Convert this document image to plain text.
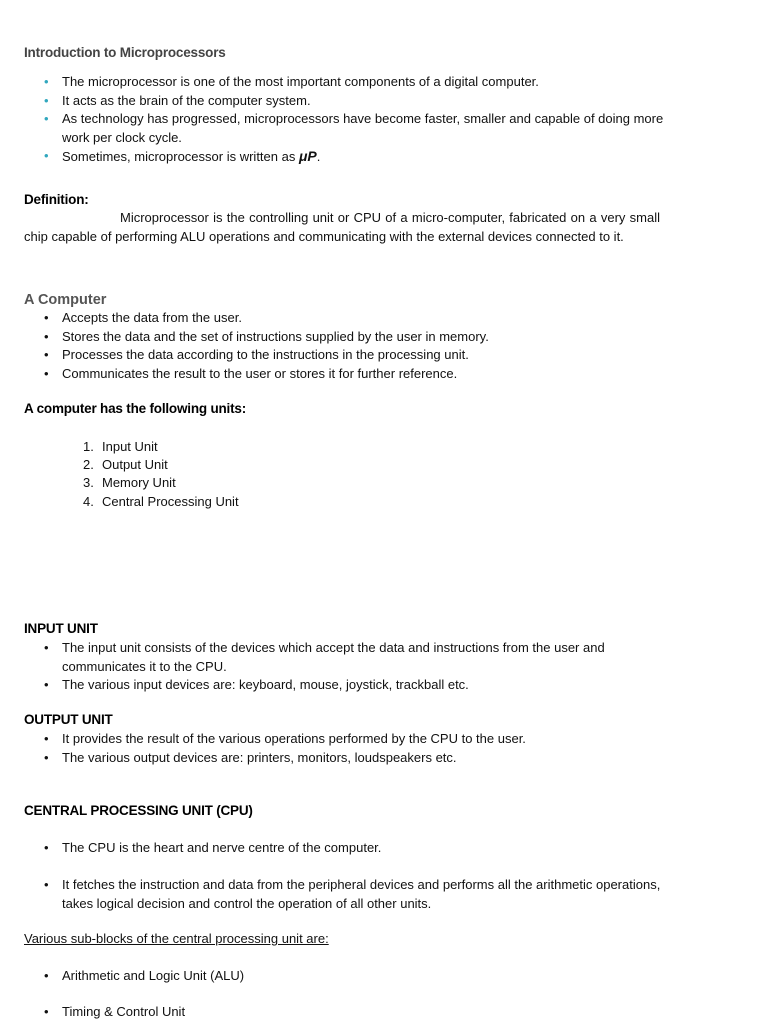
Introduction to Microprocessors
• The microprocessor is one of the most important components of a digital computer.
• It acts as the brain of the computer system.
• As technology has progressed, microprocessors have become faster, smaller and capable of doing more work per clock cycle.
• Sometimes, microprocessor is written as μP.
Definition:
Microprocessor is the controlling unit or CPU of a micro-computer, fabricated on a very small chip capable of performing ALU operations and communicating with the external devices connected to it.
A Computer
• Accepts the data from the user.
• Stores the data and the set of instructions supplied by the user in memory.
• Processes the data according to the instructions in the processing unit.
• Communicates the result to the user or stores it for further reference.
A computer has the following units:
1. Input Unit
2. Output Unit
3. Memory Unit
4. Central Processing Unit
INPUT UNIT
• The input unit consists of the devices which accept the data and instructions from the user and communicates it to the CPU.
• The various input devices are: keyboard, mouse, joystick, trackball etc.
OUTPUT UNIT
• It provides the result of the various operations performed by the CPU to the user.
• The various output devices are: printers, monitors, loudspeakers etc.
CENTRAL PROCESSING UNIT (CPU)
• The CPU is the heart and nerve centre of the computer.
• It fetches the instruction and data from the peripheral devices and performs all the arithmetic operations, takes logical decision and control the operation of all other units.
Various sub-blocks of the central processing unit are:
• Arithmetic and Logic Unit (ALU)
• Timing & Control Unit
